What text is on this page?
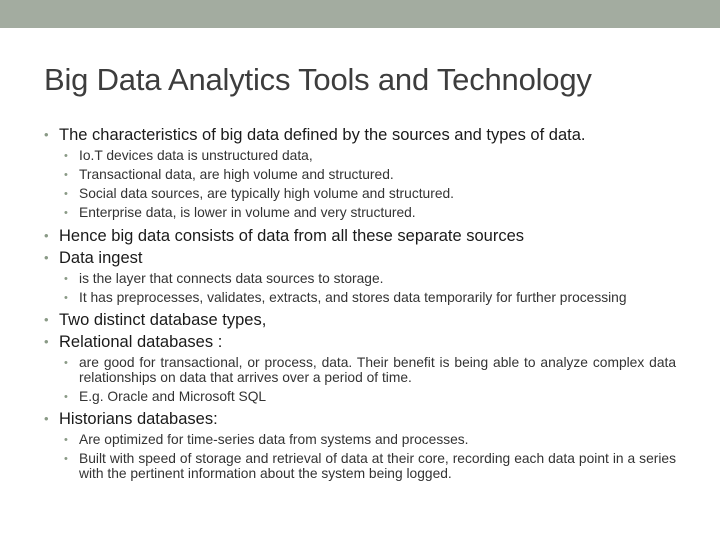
Big Data Analytics Tools and Technology
• The characteristics of big data defined by the sources and types of data.
• Io.T devices data is unstructured data,
• Transactional data, are high volume and structured.
• Social data sources, are typically high volume and structured.
• Enterprise data, is lower in volume and very structured.
• Hence big data consists of data from all these separate sources
• Data ingest
• is the layer that connects data sources to storage.
• It has preprocesses, validates, extracts, and stores data temporarily for further processing
• Two distinct database types,
• Relational databases :
• are good for transactional, or process, data. Their benefit is being able to analyze complex data relationships on data that arrives over a period of time.
• E.g. Oracle and Microsoft SQL
• Historians databases:
• Are optimized for time-series data from systems and processes.
• Built with speed of storage and retrieval of data at their core, recording each data point in a series with the pertinent information about the system being logged.
